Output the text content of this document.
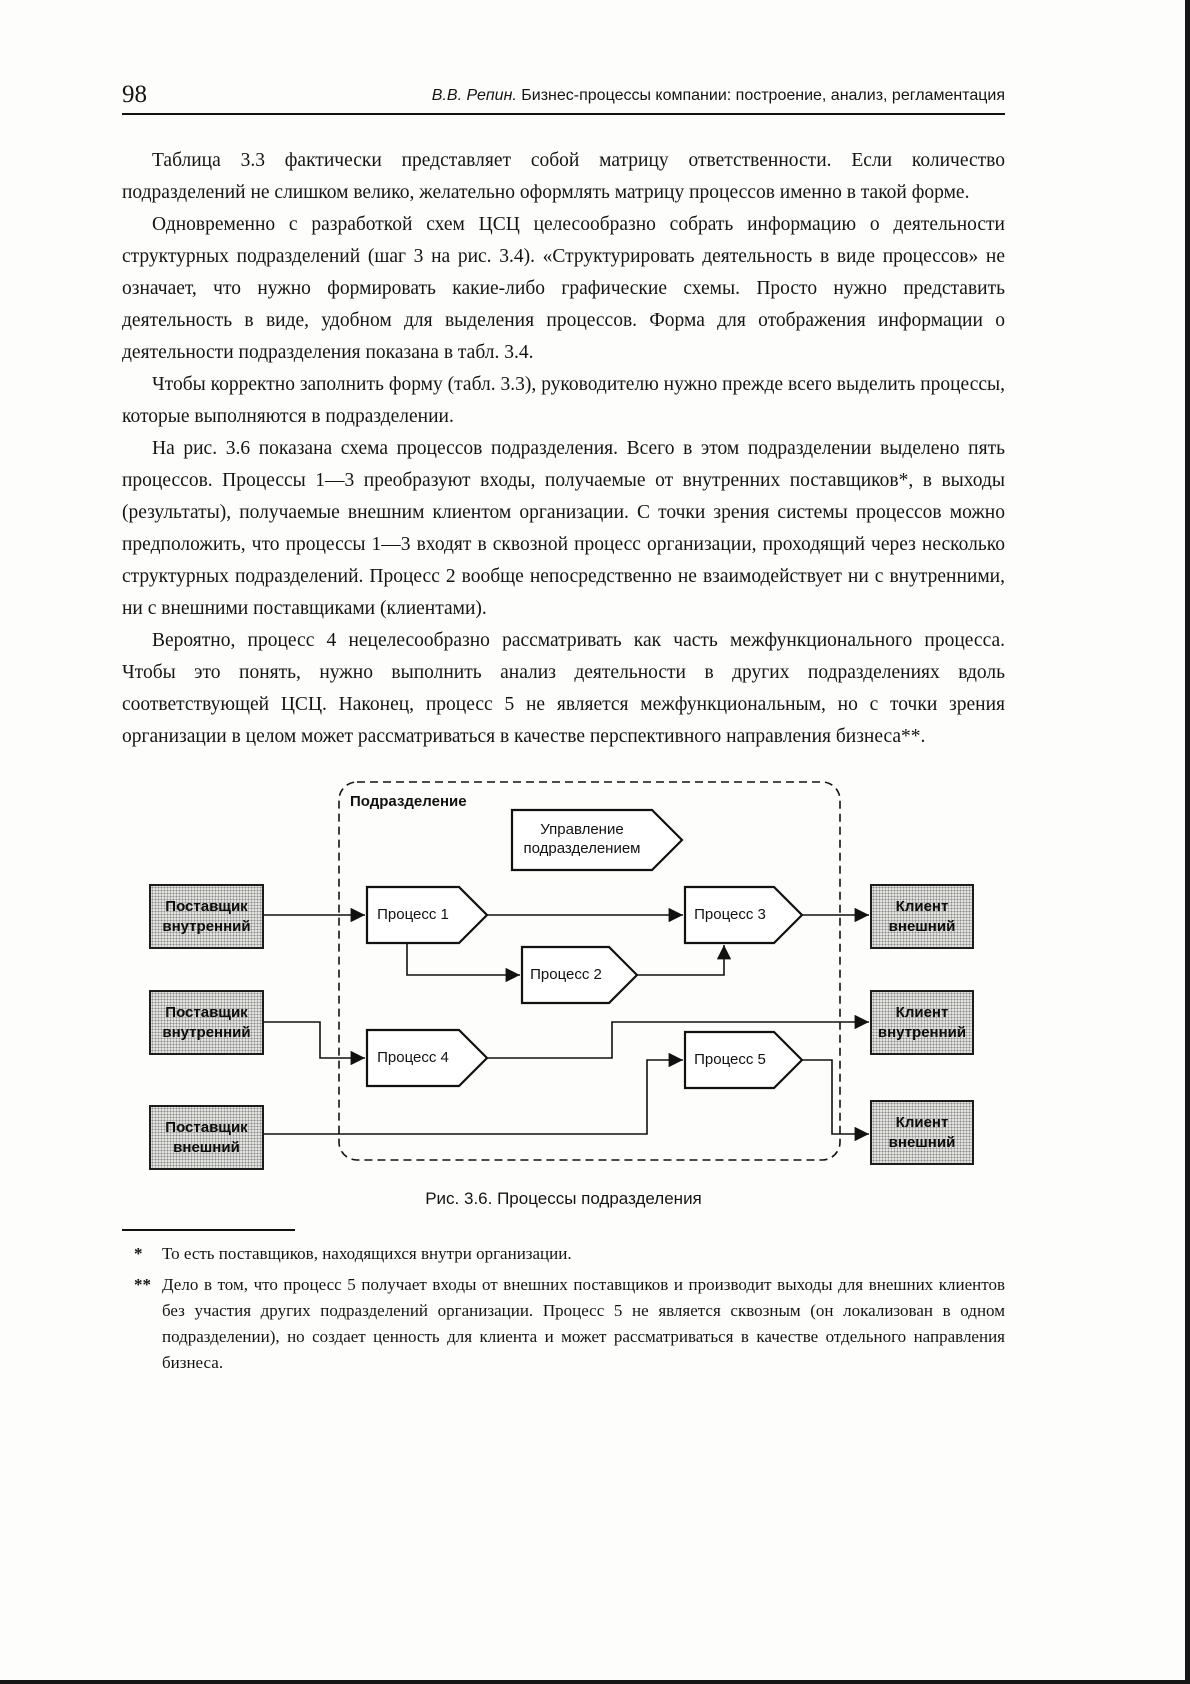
98	В.В. Репин. Бизнес-процессы компании: построение, анализ, регламентация

Таблица 3.3 фактически представляет собой матрицу ответственности. Если количество подразделений не слишком велико, желательно оформлять матрицу процессов именно в такой форме.

Одновременно с разработкой схем ЦСЦ целесообразно собрать информацию о деятельности структурных подразделений (шаг 3 на рис. 3.4). «Структурировать деятельность в виде процессов» не означает, что нужно формировать какие-либо графические схемы. Просто нужно представить деятельность в виде, удобном для выделения процессов. Форма для отображения информации о деятельности подразделения показана в табл. 3.4.

Чтобы корректно заполнить форму (табл. 3.3), руководителю нужно прежде всего выделить процессы, которые выполняются в подразделении.

На рис. 3.6 показана схема процессов подразделения. Всего в этом подразделении выделено пять процессов. Процессы 1—3 преобразуют входы, получаемые от внутренних поставщиков*, в выходы (результаты), получаемые внешним клиентом организации. С точки зрения системы процессов можно предположить, что процессы 1—3 входят в сквозной процесс организации, проходящий через несколько структурных подразделений. Процесс 2 вообще непосредственно не взаимодействует ни с внутренними, ни с внешними поставщиками (клиентами).

Вероятно, процесс 4 нецелесообразно рассматривать как часть межфункционального процесса. Чтобы это понять, нужно выполнить анализ деятельности в других подразделениях вдоль соответствующей ЦСЦ. Наконец, процесс 5 не является межфункциональным, но с точки зрения организации в целом может рассматриваться в качестве перспективного направления бизнеса**.

Подразделение
Управление подразделением
Процесс 1
Процесс 2
Процесс 3
Процесс 4	Процесс 5
Поставщик внутренний
Поставщик внутренний
Поставщик внешний
Клиент внешний
Клиент внутренний
Клиент внешний
Рис. 3.6. Процессы подразделения
* То есть поставщиков, находящихся внутри организации.
** Дело в том, что процесс 5 получает входы от внешних поставщиков и производит выходы для внешних клиентов без участия других подразделений организации. Процесс 5 не является сквозным (он локализован в одном подразделении), но создает ценность для клиента и может рассматриваться в качестве отдельного направления бизнеса.
